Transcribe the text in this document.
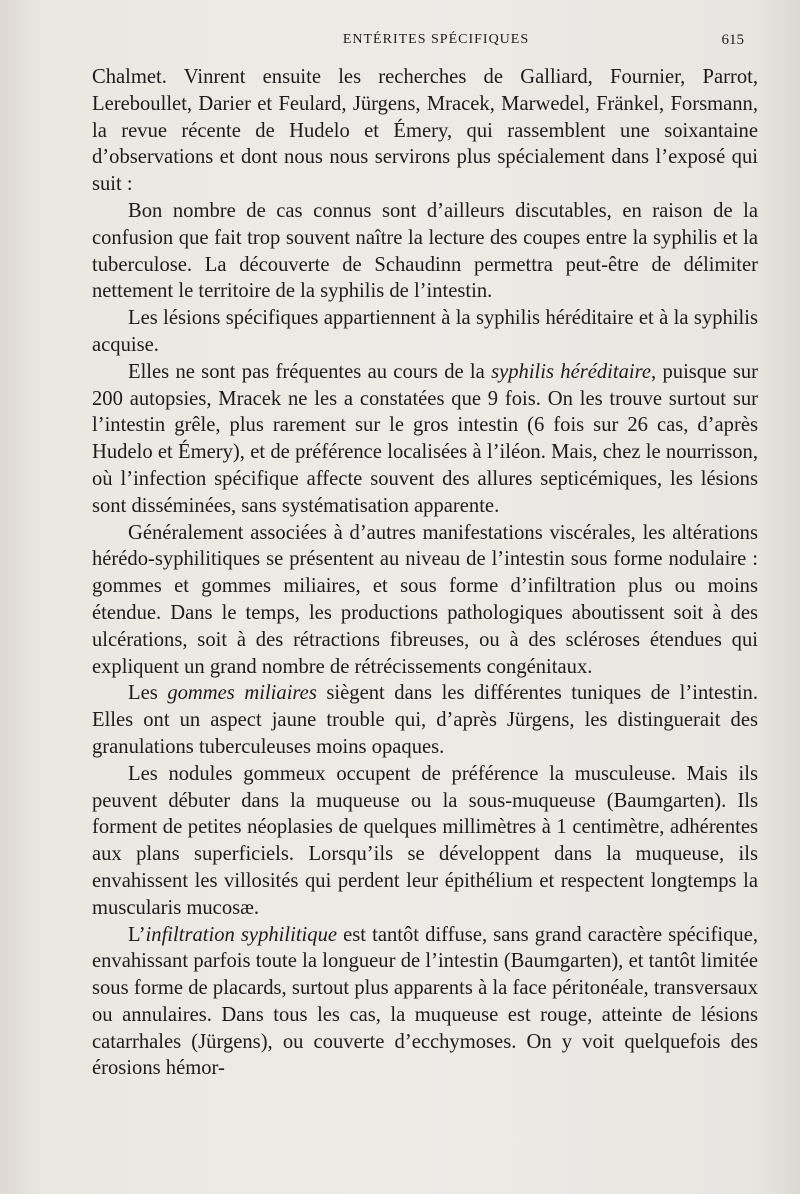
ENTÉRITES SPÉCIFIQUES	615

Chalmet. Vinrent ensuite les recherches de Galliard, Fournier, Parrot, Lereboullet, Darier et Feulard, Jürgens, Mracek, Marwedel, Fränkel, Forsmann, la revue récente de Hudelo et Émery, qui rassemblent une soixantaine d’observations et dont nous nous servirons plus spécialement dans l’exposé qui suit :

Bon nombre de cas connus sont d’ailleurs discutables, en raison de la confusion que fait trop souvent naître la lecture des coupes entre la syphilis et la tuberculose. La découverte de Schaudinn permettra peut-être de délimiter nettement le territoire de la syphilis de l’intestin.

Les lésions spécifiques appartiennent à la syphilis héréditaire et à la syphilis acquise.

Elles ne sont pas fréquentes au cours de la syphilis héréditaire, puisque sur 200 autopsies, Mracek ne les a constatées que 9 fois. On les trouve surtout sur l’intestin grêle, plus rarement sur le gros intestin (6 fois sur 26 cas, d’après Hudelo et Émery), et de préférence localisées à l’iléon. Mais, chez le nourrisson, où l’infection spécifique affecte souvent des allures septicémiques, les lésions sont disséminées, sans systématisation apparente.

Généralement associées à d’autres manifestations viscérales, les altérations hérédo-syphilitiques se présentent au niveau de l’intestin sous forme nodulaire : gommes et gommes miliaires, et sous forme d’infiltration plus ou moins étendue. Dans le temps, les productions pathologiques aboutissent soit à des ulcérations, soit à des rétractions fibreuses, ou à des scléroses étendues qui expliquent un grand nombre de rétrécissements congénitaux.

Les gommes miliaires siègent dans les différentes tuniques de l’intestin. Elles ont un aspect jaune trouble qui, d’après Jürgens, les distinguerait des granulations tuberculeuses moins opaques.

Les nodules gommeux occupent de préférence la musculeuse. Mais ils peuvent débuter dans la muqueuse ou la sous-muqueuse (Baumgarten). Ils forment de petites néoplasies de quelques millimètres à 1 centimètre, adhérentes aux plans superficiels. Lorsqu’ils se développent dans la muqueuse, ils envahissent les villosités qui perdent leur épithélium et respectent longtemps la muscularis mucosæ.

L’infiltration syphilitique est tantôt diffuse, sans grand caractère spécifique, envahissant parfois toute la longueur de l’intestin (Baumgarten), et tantôt limitée sous forme de placards, surtout plus apparents à la face péritonéale, transversaux ou annulaires. Dans tous les cas, la muqueuse est rouge, atteinte de lésions catarrhales (Jürgens), ou couverte d’ecchymoses. On y voit quelquefois des érosions hémor-
